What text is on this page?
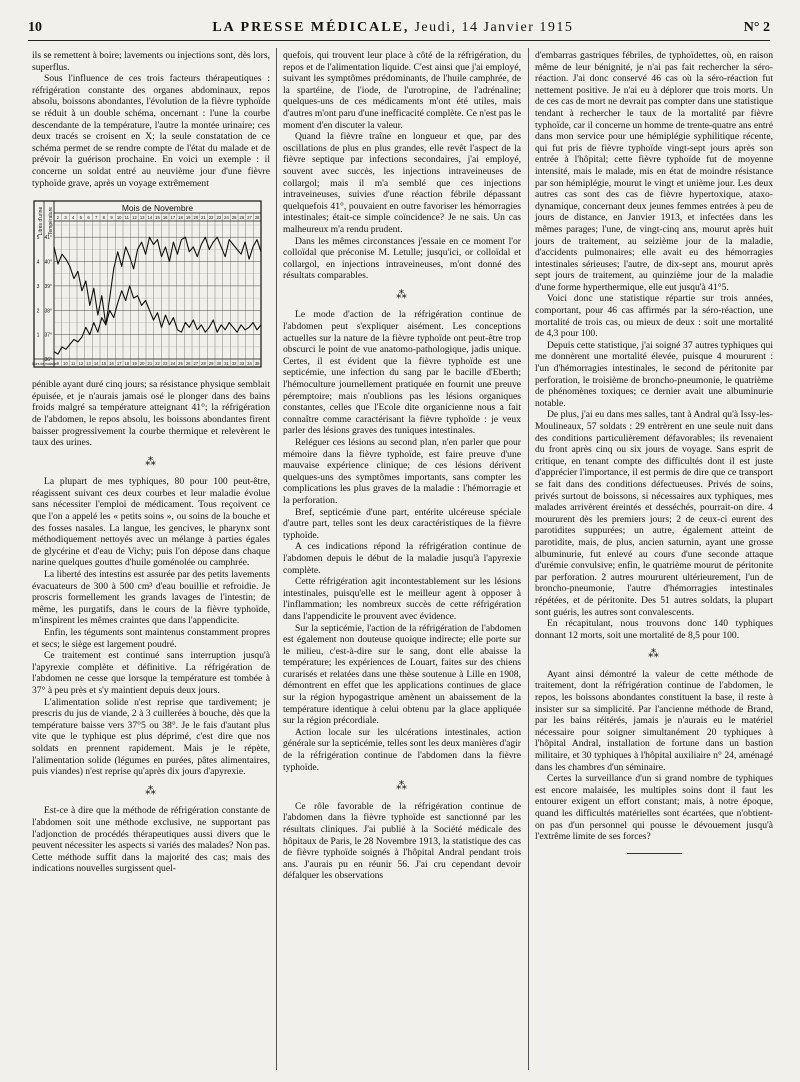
10	LA PRESSE MÉDICALE, Jeudi, 14 Janvier 1915	N° 2

ils se remettent à boire; lavements ou injections sont, dès lors, superflus.

Sous l'influence de ces trois facteurs thérapeutiques : réfrigération constante des organes abdominaux, repos absolu, boissons abondantes, l'évolution de la fièvre typhoïde se réduit à un double schéma, oncernant : l'une la courbe descendante de la température, l'autre la montée urinaire; ces deux tracés se croisent en X; la seule constatation de ce schéma permet de se rendre compte de l'état du malade et de prévoir la guérison prochaine. En voici un exemple : il concerne un soldat entré au neuvième jour d'une fièvre typhoïde grave, après un voyage extrêmement

Litres d'urine Température	Mois de Novembre
2 3 4 5 6 7 8 9 10 11 12 13 14 15 16 17 18 19 20 21 22 23 24 25 26 27 28
9 10 11 12 13 14 15 16 17 18 19 20 21 22 23 24 25 26 27 28 29 30 31 32 33 34 35
Jours de maladie
41°
40°
39°
38°
37°
36°
5
4
3
2
1

pénible ayant duré cinq jours; sa résistance physique semblait épuisée, et je n'aurais jamais osé le plonger dans des bains froids malgré sa température atteignant 41°; la réfrigération de l'abdomen, le repos absolu, les boissons abondantes firent baisser progressivement la courbe thermique et relevèrent le taux des urines.

⁂

La plupart de mes typhiques, 80 pour 100 peut-être, réagissent suivant ces deux courbes et leur maladie évolue sans nécessiter l'emploi de médicament. Tous reçoivent ce que l'on a appelé les « petits soins », ou soins de la bouche et des fosses nasales. La langue, les gencives, le pharynx sont méthodiquement nettoyés avec un mélange à parties égales de glycérine et d'eau de Vichy; puis l'on dépose dans chaque narine quelques gouttes d'huile goménolée ou camphrée.

La liberté des intestins est assurée par des petits lavements évacuateurs de 300 à 500 cm³ d'eau bouillie et refroidie. Je proscris formellement les grands lavages de l'intestin; de même, les purgatifs, dans le cours de la fièvre typhoïde, m'inspirent les mêmes craintes que dans l'appendicite.

Enfin, les téguments sont maintenus constamment propres et secs; le siège est largement poudré.

Ce traitement est continué sans interruption jusqu'à l'apyrexie complète et définitive. La réfrigération de l'abdomen ne cesse que lorsque la température est tombée à 37° à peu près et s'y maintient depuis deux jours.

L'alimentation solide n'est reprise que tardivement; je prescris du jus de viande, 2 à 3 cuillerées à bouche, dès que la température baisse vers 37°5 ou 38°. Je le fais d'autant plus vite que le typhique est plus déprimé, c'est dire que nos soldats en prennent rapidement. Mais je le répète, l'alimentation solide (légumes en purées, pâtes alimentaires, puis viandes) n'est reprise qu'après dix jours d'apyrexie.

⁂

Est-ce à dire que la méthode de réfrigération constante de l'abdomen soit une méthode exclusive, ne supportant pas l'adjonction de procédés thérapeutiques aussi divers que le peuvent nécessiter les aspects si variés des malades? Non pas. Cette méthode suffit dans la majorité des cas; mais des indications nouvelles surgissent quel-

quefois, qui trouvent leur place à côté de la réfrigération, du repos et de l'alimentation liquide. C'est ainsi que j'ai employé, suivant les symptômes prédominants, de l'huile camphrée, de la spartéine, de l'iode, de l'urotropine, de l'adrénaline; quelques-uns de ces médicaments m'ont été utiles, mais d'autres m'ont paru d'une inefficacité complète. Ce n'est pas le moment d'en discuter la valeur.

Quand la fièvre traîne en longueur et que, par des oscillations de plus en plus grandes, elle revêt l'aspect de la fièvre septique par infections secondaires, j'ai employé, souvent avec succès, les injections intraveineuses de collargol; mais il m'a semblé que ces injections intraveineuses, suivies d'une réaction fébrile dépassant quelquefois 41°, pouvaient en outre favoriser les hémorragies intestinales; était-ce simple coïncidence? Je ne sais. Un cas malheureux m'a rendu prudent.

Dans les mêmes circonstances j'essaie en ce moment l'or colloïdal que préconise M. Letulle; jusqu'ici, or colloïdal et collargol, en injections intraveineuses, m'ont donné des résultats comparables.

⁂

Le mode d'action de la réfrigération continue de l'abdomen peut s'expliquer aisément. Les conceptions actuelles sur la nature de la fièvre typhoïde ont peut-être trop obscurci le point de vue anatomo-pathologique, jadis unique. Certes, il est évident que la fièvre typhoïde est une septicémie, une infection du sang par le bacille d'Eberth; l'hémoculture journellement pratiquée en fournit une preuve péremptoire; mais n'oublions pas les lésions organiques constantes, celles que l'Ecole dite organicienne nous a fait connaître comme caractérisant la fièvre typhoïde : je veux parler des lésions graves des tuniques intestinales.

Reléguer ces lésions au second plan, n'en parler que pour mémoire dans la fièvre typhoïde, est faire preuve d'une mauvaise expérience clinique; de ces lésions dérivent quelques-uns des symptômes importants, sans compter les complications les plus graves de la maladie : l'hémorragie et la perforation.

Bref, septicémie d'une part, entérite ulcéreuse spéciale d'autre part, telles sont les deux caractéristiques de la fièvre typhoïde.

A ces indications répond la réfrigération continue de l'abdomen depuis le début de la maladie jusqu'à l'apyrexie complète.

Cette réfrigération agit incontestablement sur les lésions intestinales, puisqu'elle est le meilleur agent à opposer à l'inflammation; les nombreux succès de cette réfrigération dans l'appendicite le prouvent avec évidence.

Sur la septicémie, l'action de la réfrigération de l'abdomen est également non douteuse quoique indirecte; elle porte sur le milieu, c'est-à-dire sur le sang, dont elle abaisse la température; les expériences de Louart, faites sur des chiens curarisés et relatées dans une thèse soutenue à Lille en 1908, démontrent en effet que les applications continues de glace sur la région hypogastrique amènent un abaissement de la température identique à celui obtenu par la glace appliquée sur la région précordiale.

Action locale sur les ulcérations intestinales, action générale sur la septicémie, telles sont les deux manières d'agir de la réfrigération continue de l'abdomen dans la fièvre typhoïde.

⁂

Ce rôle favorable de la réfrigération continue de l'abdomen dans la fièvre typhoïde est sanctionné par les résultats cliniques. J'ai publié à la Société médicale des hôpitaux de Paris, le 28 Novembre 1913, la statistique des cas de fièvre typhoïde soignés à l'hôpital Andral pendant trois ans. J'aurais pu en réunir 56. J'ai cru cependant devoir défalquer les observations

d'embarras gastriques fébriles, de typhoïdettes, où, en raison même de leur bénignité, je n'ai pas fait rechercher la séro-réaction. J'ai donc conservé 46 cas où la séro-réaction fut nettement positive. Je n'ai eu à déplorer que trois morts. Un de ces cas de mort ne devrait pas compter dans une statistique tendant à rechercher le taux de la mortalité par fièvre typhoïde, car il concerne un homme de trente-quatre ans entré dans mon service pour une hémiplégie syphilitique récente, qui fut pris de fièvre typhoïde vingt-sept jours après son entrée à l'hôpital; cette fièvre typhoïde fut de moyenne intensité, mais le malade, mis en état de moindre résistance par son hémiplégie, mourut le vingt et unième jour. Les deux autres cas sont des cas de fièvre hypertoxique, ataxo-dynamique, concernant deux jeunes femmes entrées à peu de jours de distance, en Janvier 1913, et infectées dans les mêmes parages; l'une, de vingt-cinq ans, mourut après huit jours de traitement, au seizième jour de la maladie, d'accidents pulmonaires; elle avait eu des hémorragies intestinales sérieuses; l'autre, de dix-sept ans, mourut après sept jours de traitement, au quinzième jour de la maladie d'une forme hyperthermique, elle eut jusqu'à 41°5.

Voici donc une statistique répartie sur trois années, comportant, pour 46 cas affirmés par la séro-réaction, une mortalité de trois cas, ou mieux de deux : soit une mortalité de 4,3 pour 100.

Depuis cette statistique, j'ai soigné 37 autres typhiques qui me donnèrent une mortalité élevée, puisque 4 moururent : l'un d'hémorragies intestinales, le second de péritonite par perforation, le troisième de broncho-pneumonie, le quatrième de phénomènes toxiques; ce dernier avait une albuminurie notable.

De plus, j'ai eu dans mes salles, tant à Andral qu'à Issy-les-Moulineaux, 57 soldats : 29 entrèrent en une seule nuit dans des conditions particulièrement défavorables; ils revenaient du front après cinq ou six jours de voyage. Sans esprit de critique, en tenant compte des difficultés dont il est juste d'apprécier l'importance, il est permis de dire que ce transport se fait dans des conditions défectueuses. Privés de soins, privés surtout de boissons, si nécessaires aux typhiques, mes malades arrivèrent éreintés et desséchés, pourrait-on dire. 4 moururent dès les premiers jours; 2 de ceux-ci eurent des parotidites suppurées; un autre, également atteint de parotidite, mais, de plus, ancien saturnin, ayant une grosse albuminurie, fut enlevé au cours d'une seconde attaque d'urémie convulsive; enfin, le quatrième mourut de péritonite par perforation. 2 autres moururent ultérieurement, l'un de broncho-pneumonie, l'autre d'hémorragies intestinales répétées, et de péritonite. Des 51 autres soldats, la plupart sont guéris, les autres sont convalescents.

En récapitulant, nous trouvons donc 140 typhiques donnant 12 morts, soit une mortalité de 8,5 pour 100.

⁂

Ayant ainsi démontré la valeur de cette méthode de traitement, dont la réfrigération continue de l'abdomen, le repos, les boissons abondantes constituent la base, il reste à insister sur sa simplicité. Par l'ancienne méthode de Brand, par les bains réitérés, jamais je n'aurais eu le matériel nécessaire pour soigner simultanément 20 typhiques à l'hôpital Andral, installation de fortune dans un bastion militaire, et 30 typhiques à l'hôpital auxiliaire n° 24, aménagé dans les chambres d'un séminaire.

Certes la surveillance d'un si grand nombre de typhiques est encore malaisée, les multiples soins dont il faut les entourer exigent un effort constant; mais, à notre époque, quand les difficultés matérielles sont écartées, que n'obtient-on pas d'un personnel qui pousse le dévouement jusqu'à l'extrême limite de ses forces?
